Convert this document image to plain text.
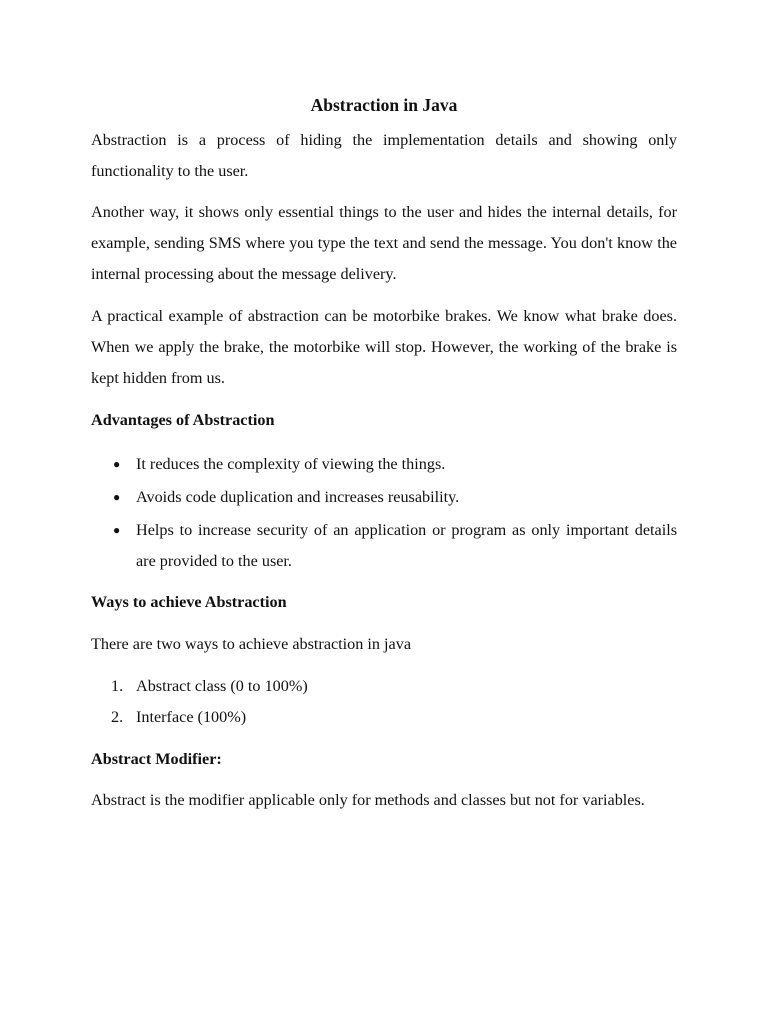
Abstraction in Java

Abstraction is a process of hiding the implementation details and showing only functionality to the user.

Another way, it shows only essential things to the user and hides the internal details, for example, sending SMS where you type the text and send the message. You don't know the internal processing about the message delivery.

A practical example of abstraction can be motorbike brakes. We know what brake does. When we apply the brake, the motorbike will stop. However, the working of the brake is kept hidden from us.

Advantages of Abstraction
● It reduces the complexity of viewing the things.
● Avoids code duplication and increases reusability.
● Helps to increase security of an application or program as only important details are provided to the user.
Ways to achieve Abstraction

There are two ways to achieve abstraction in java

1. Abstract class (0 to 100%)
2. Interface (100%)
Abstract Modifier:

Abstract is the modifier applicable only for methods and classes but not for variables.
